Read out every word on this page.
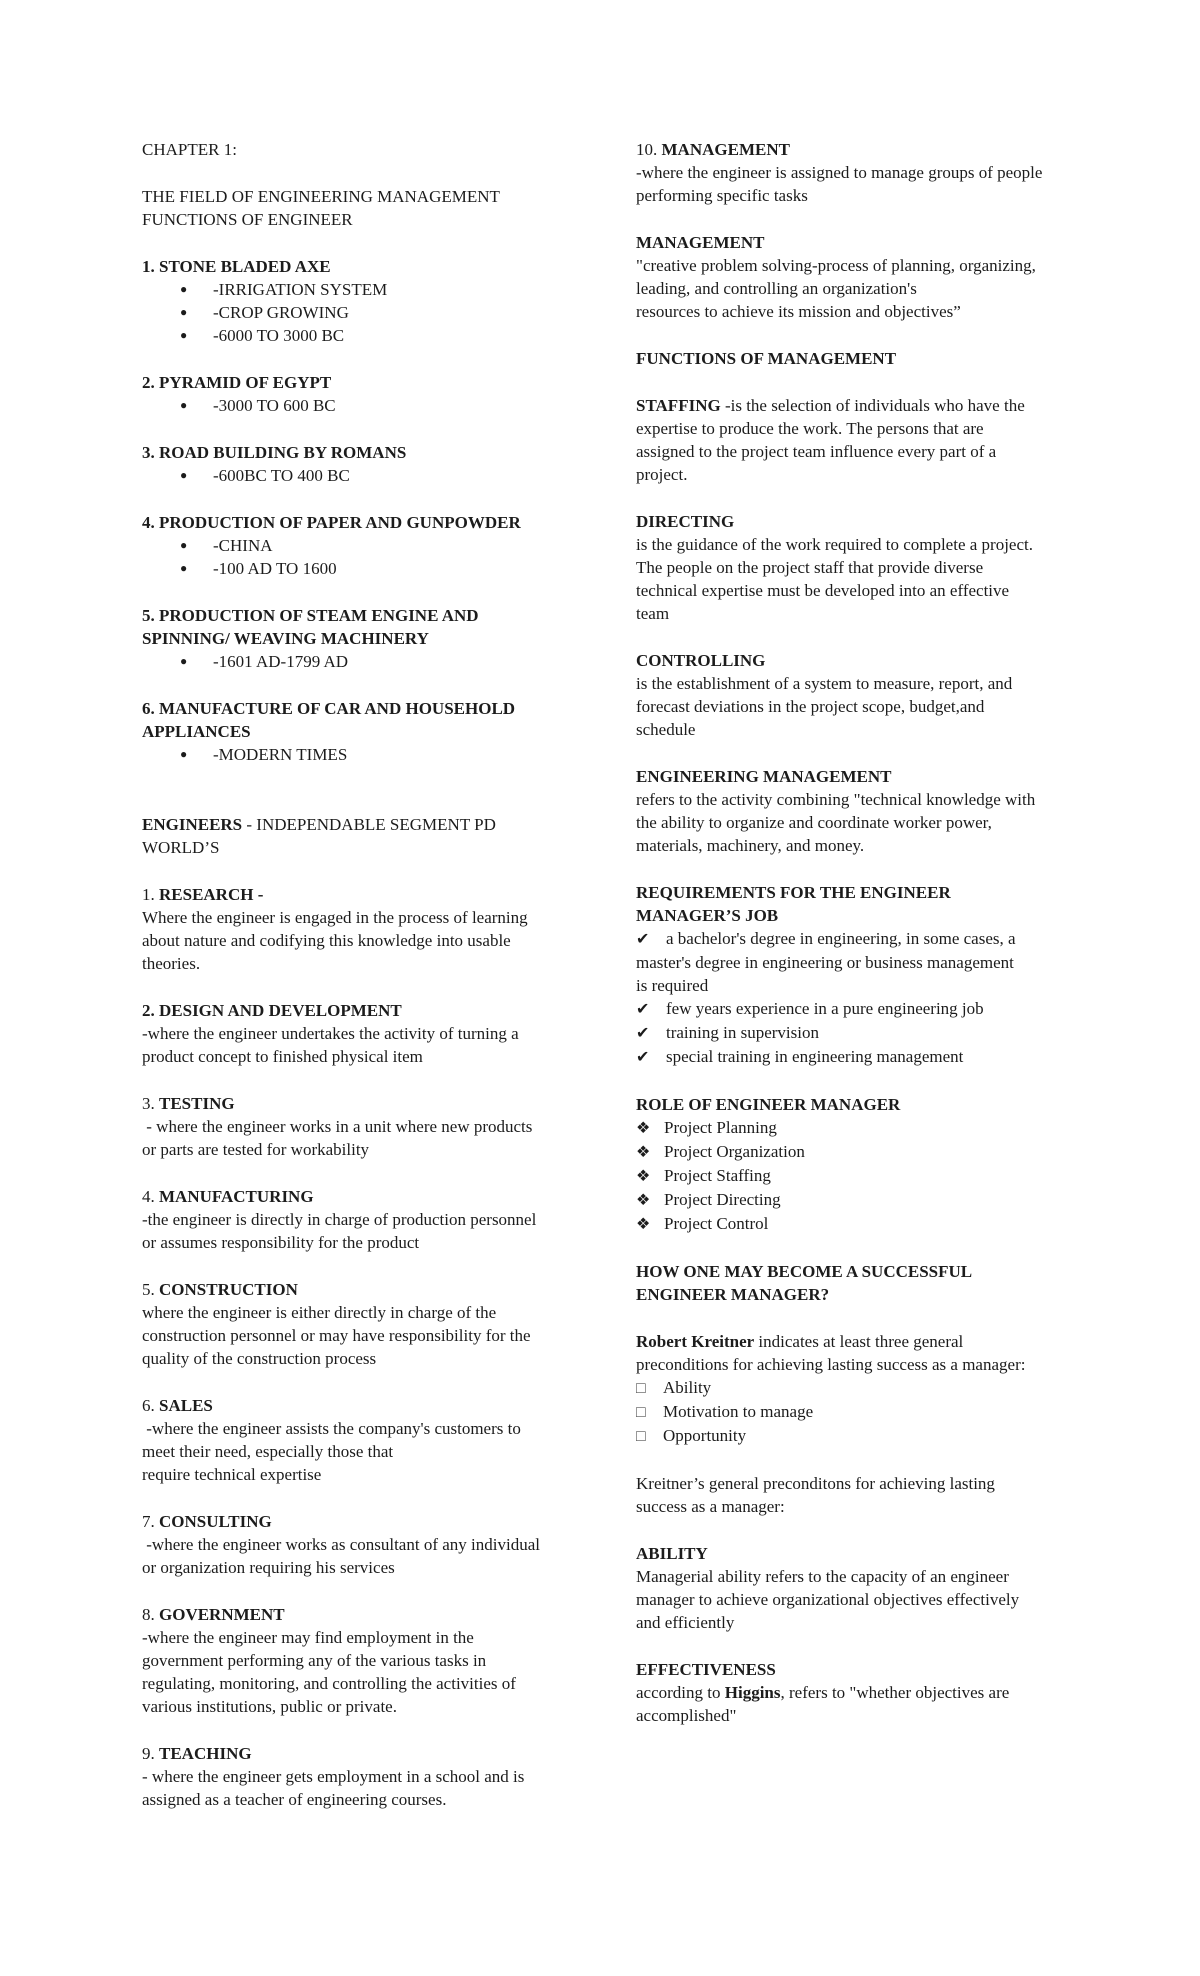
CHAPTER 1:
THE FIELD OF ENGINEERING MANAGEMENT
FUNCTIONS OF ENGINEER
1. STONE BLADED AXE
● -IRRIGATION SYSTEM
● -CROP GROWING
● -6000 TO 3000 BC
2. PYRAMID OF EGYPT
● -3000 TO 600 BC
3. ROAD BUILDING BY ROMANS
● -600BC TO 400 BC
4. PRODUCTION OF PAPER AND GUNPOWDER
● -CHINA
● -100 AD TO 1600
5. PRODUCTION OF STEAM ENGINE AND
SPINNING/ WEAVING MACHINERY
● -1601 AD-1799 AD
6. MANUFACTURE OF CAR AND HOUSEHOLD
APPLIANCES
● -MODERN TIMES
ENGINEERS - INDEPENDABLE SEGMENT PD
WORLD’S
1. RESEARCH -
Where the engineer is engaged in the process of learning
about nature and codifying this knowledge into usable
theories.
2. DESIGN AND DEVELOPMENT
-where the engineer undertakes the activity of turning a
product concept to finished physical item
3. TESTING
- where the engineer works in a unit where new products
or parts are tested for workability
4. MANUFACTURING
-the engineer is directly in charge of production personnel
or assumes responsibility for the product
5. CONSTRUCTION
where the engineer is either directly in charge of the
construction personnel or may have responsibility for the
quality of the construction process
6. SALES
-where the engineer assists the company's customers to
meet their need, especially those that
require technical expertise
7. CONSULTING
-where the engineer works as consultant of any individual
or organization requiring his services
8. GOVERNMENT
-where the engineer may find employment in the
government performing any of the various tasks in
regulating, monitoring, and controlling the activities of
various institutions, public or private.
9. TEACHING
- where the engineer gets employment in a school and is
assigned as a teacher of engineering courses.
10. MANAGEMENT
-where the engineer is assigned to manage groups of people
performing specific tasks
MANAGEMENT
"creative problem solving-process of planning, organizing,
leading, and controlling an organization's
resources to achieve its mission and objectives”
FUNCTIONS OF MANAGEMENT
STAFFING -is the selection of individuals who have the
expertise to produce the work. The persons that are
assigned to the project team influence every part of a
project.
DIRECTING
is the guidance of the work required to complete a project.
The people on the project staff that provide diverse
technical expertise must be developed into an effective
team
CONTROLLING
is the establishment of a system to measure, report, and
forecast deviations in the project scope, budget,and
schedule
ENGINEERING MANAGEMENT
refers to the activity combining "technical knowledge with
the ability to organize and coordinate worker power,
materials, machinery, and money.
REQUIREMENTS FOR THE ENGINEER
MANAGER’S JOB
✔ a bachelor's degree in engineering, in some cases, a
master's degree in engineering or business management
is required
✔ few years experience in a pure engineering job
✔ training in supervision
✔ special training in engineering management
ROLE OF ENGINEER MANAGER
❖ Project Planning
❖ Project Organization
❖ Project Staffing
❖ Project Directing
❖ Project Control
HOW ONE MAY BECOME A SUCCESSFUL
ENGINEER MANAGER?
Robert Kreitner indicates at least three general
preconditions for achieving lasting success as a manager:
□ Ability
□ Motivation to manage
□ Opportunity
Kreitner’s general preconditons for achieving lasting
success as a manager:
ABILITY
Managerial ability refers to the capacity of an engineer
manager to achieve organizational objectives effectively
and efficiently
EFFECTIVENESS
according to Higgins, refers to "whether objectives are
accomplished"
